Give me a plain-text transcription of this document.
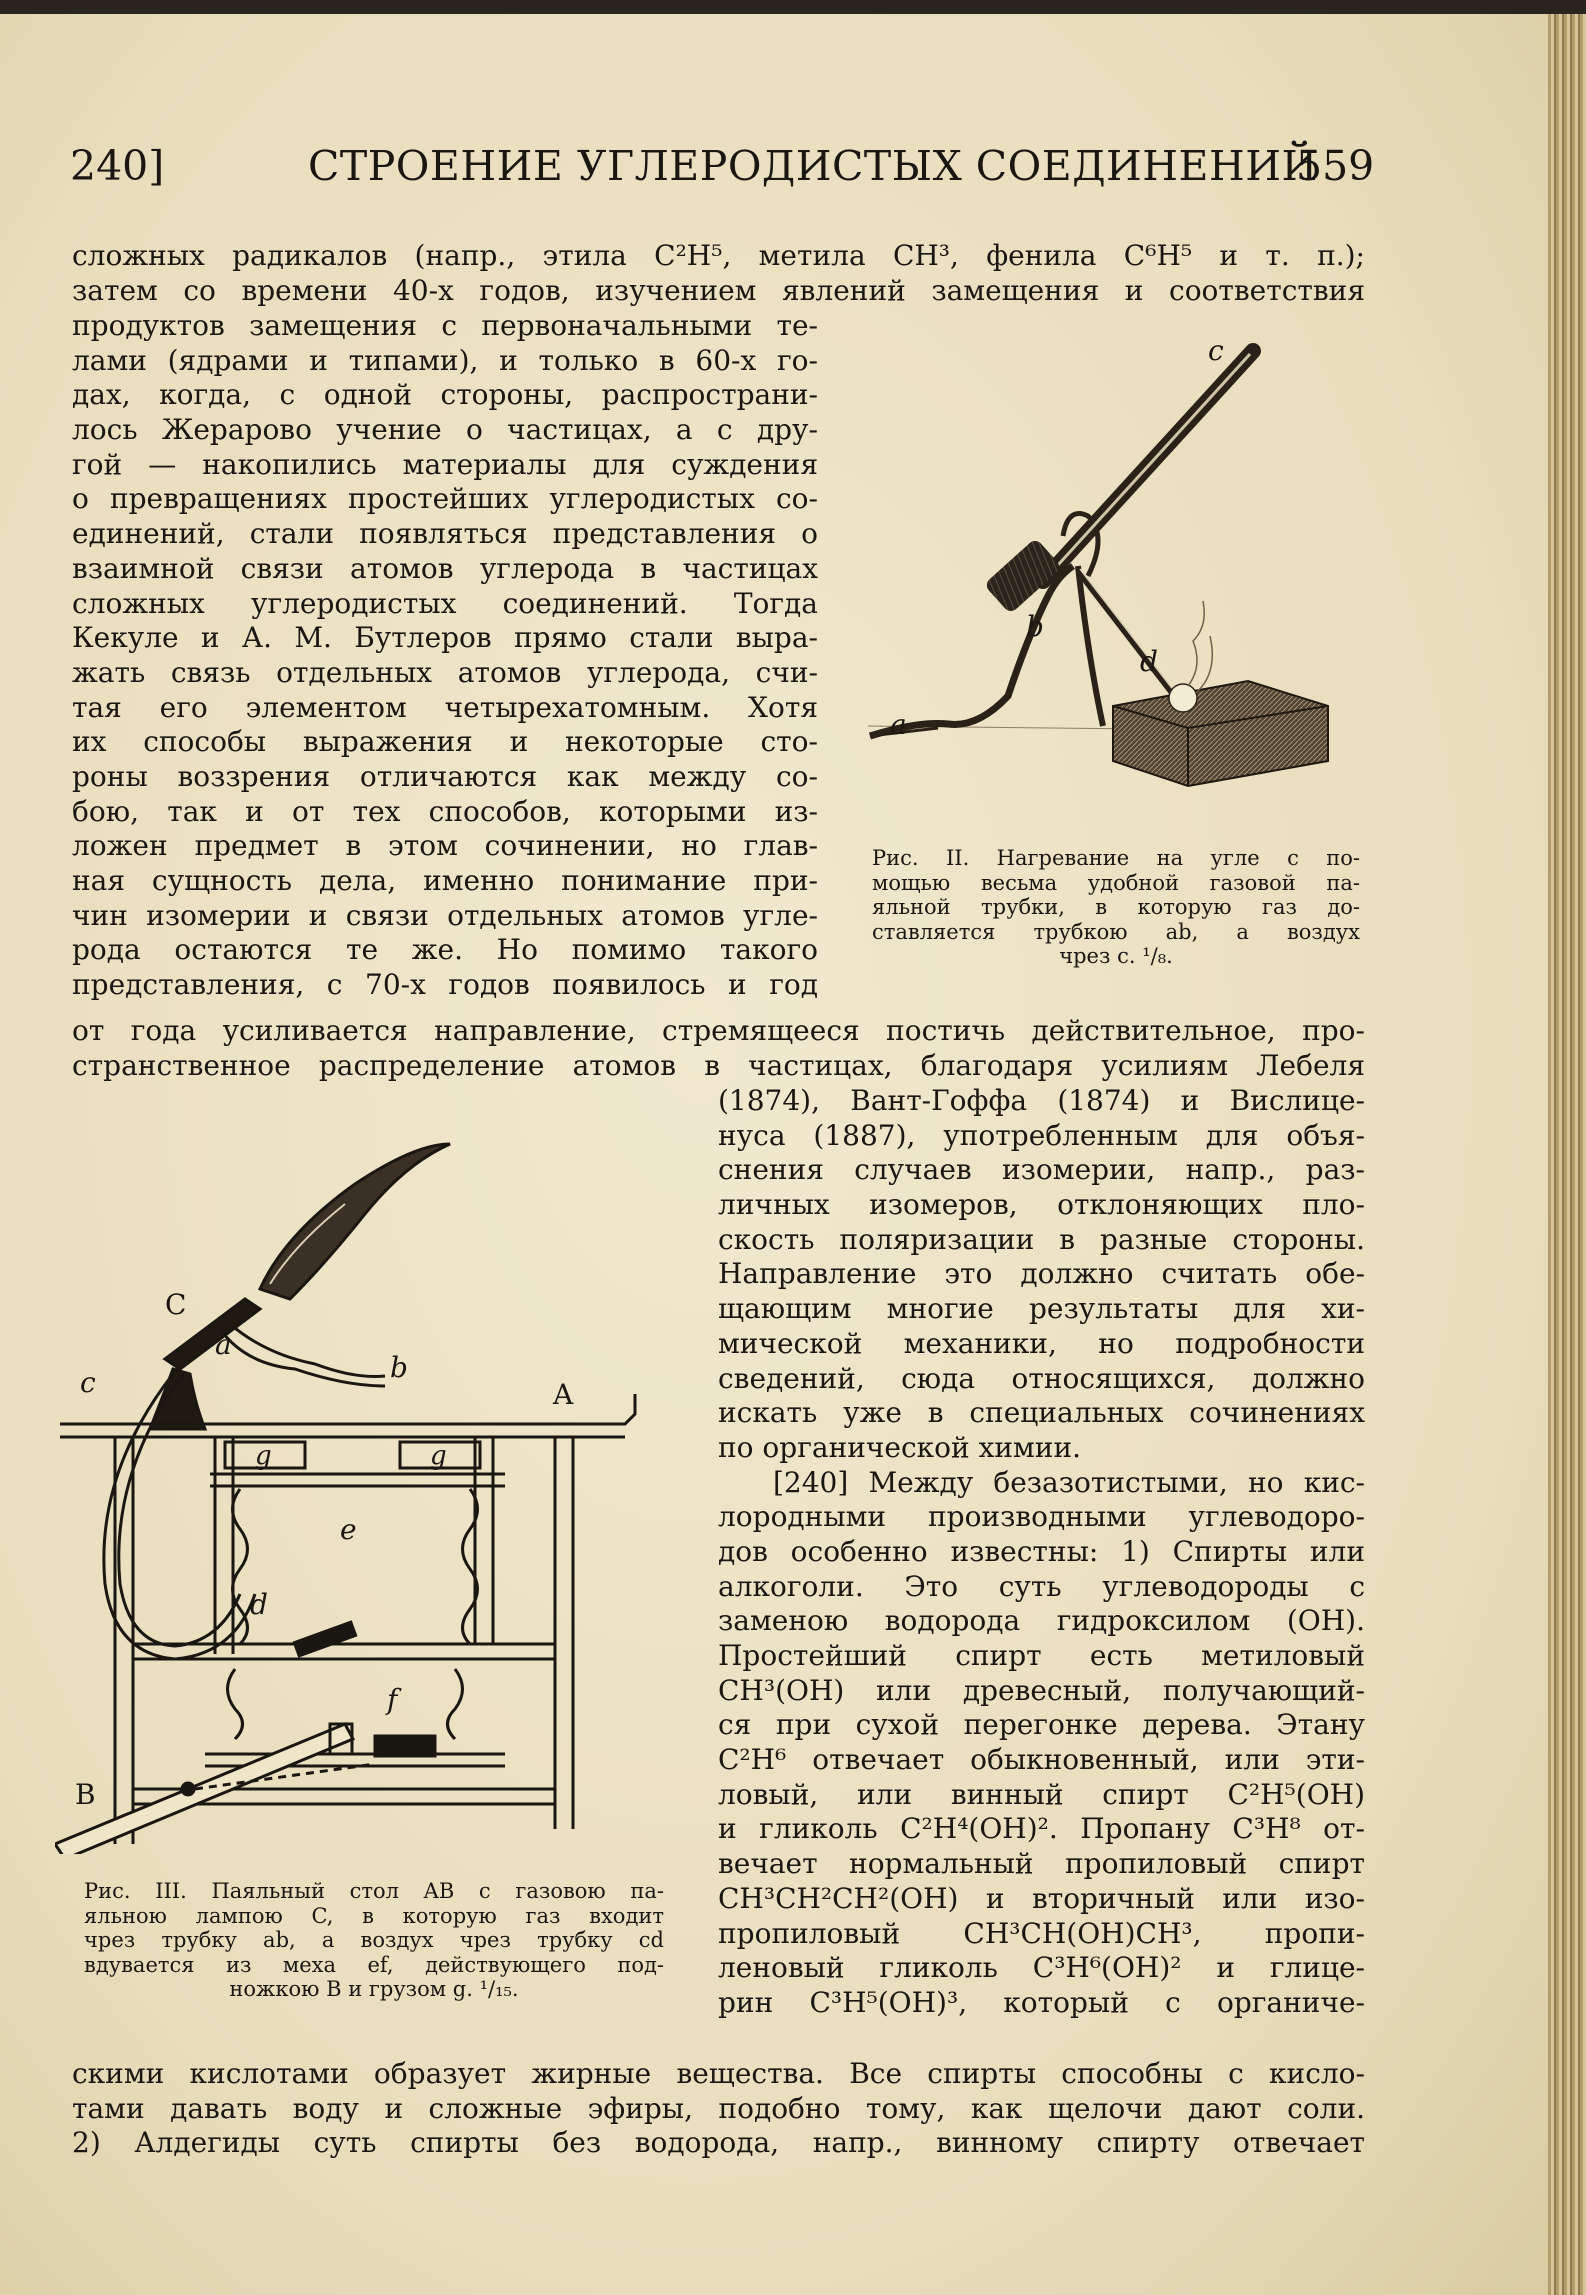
240]	СТРОЕНИЕ УГЛЕРОДИСТЫХ СОЕДИНЕНИЙ
559
сложных радикалов (напр., этила C²H⁵, метила CH³, фенила C⁶H⁵ и т. п.);
затем со времени 40-х годов, изучением явлений замещения и соответствия
продуктов замещения с первоначальными те-
лами (ядрами и типами), и только в 60-х го-
дах, когда, с одной стороны, распространи-
лось Жераровo учение о частицах, а с дру-
гой — накопились материалы для суждения
о превращениях простейших углеродистых со-
единений, стали появляться представления о
взаимной связи атомов углерода в частицах
сложных углеродистых соединений. Тогда
Кекуле и А. М. Бутлеров прямо стали выра-
жать связь отдельных атомов углерода, счи-
тая его элементом четырехатомным. Хотя
их способы выражения и некоторые сто-
роны воззрения отличаются как между со-
бою, так и от тех способов, которыми из-
ложен предмет в этом сочинении, но глав-
ная сущность дела, именно понимание при-
чин изомерии и связи отдельных атомов угле-
рода остаются те же. Но помимо такого
представления, с 70-х годов появилось и год
c
b
d
a
Рис. II. Нагревание на угле с по-
мощью весьма удобной газовой па-
яльной трубки, в которую газ до-
ставляется трубкою ab, а воздух
чрез c. ¹/₈.
от года усиливается направление, стремящееся постичь действительное, про-
странственное распределение атомов в частицах, благодаря усилиям Лебеля
(1874), Вант-Гоффа (1874) и Вислице-
нуса (1887), употребленным для объя-
снения случаев изомерии, напр., раз-
личных изомеров, отклоняющих пло-
скость поляризации в разные стороны.
Направление это должно считать обе-
щающим многие результаты для хи-
мической механики, но подробности
сведений, сюда относящихся, должно
искать уже в специальных сочинениях
по органической химии.
[240] Между безазотистыми, но кис-
лородными производными углеводоро-
дов особенно известны: 1) Спирты или
алкоголи. Это суть углеводороды с
заменою водорода гидроксилом (OH).
Простейший спирт есть метиловый
CH³(OH) или древесный, получающий-
ся при сухой перегонке дерева. Этану
C²H⁶ отвечает обыкновенный, или эти-
ловый, или винный спирт C²H⁵(OH)
и гликоль C²H⁴(OH)². Пропану C³H⁸ от-
вечает нормальный пропиловый спирт
CH³CH²CH²(OH) и вторичный или изо-
пропиловый CH³CH(OH)CH³, пропи-
леновый гликоль C³H⁶(OH)² и глице-
рин C³H⁵(OH)³, который с органиче-
C
a
c	b
A
g	g
e
d
f
B
Рис. III. Паяльный стол AB с газовою па-
яльною лампою C, в которую газ входит
чрез трубку ab, а воздух чрез трубку cd
вдувается из меха ef, действующего под-
ножкою B и грузом g. ¹/₁₅.
скими кислотами образует жирные вещества. Все спирты способны с кисло-
тами давать воду и сложные эфиры, подобно тому, как щелочи дают соли.
2) Алдегиды суть спирты без водорода, напр., винному спирту отвечает
